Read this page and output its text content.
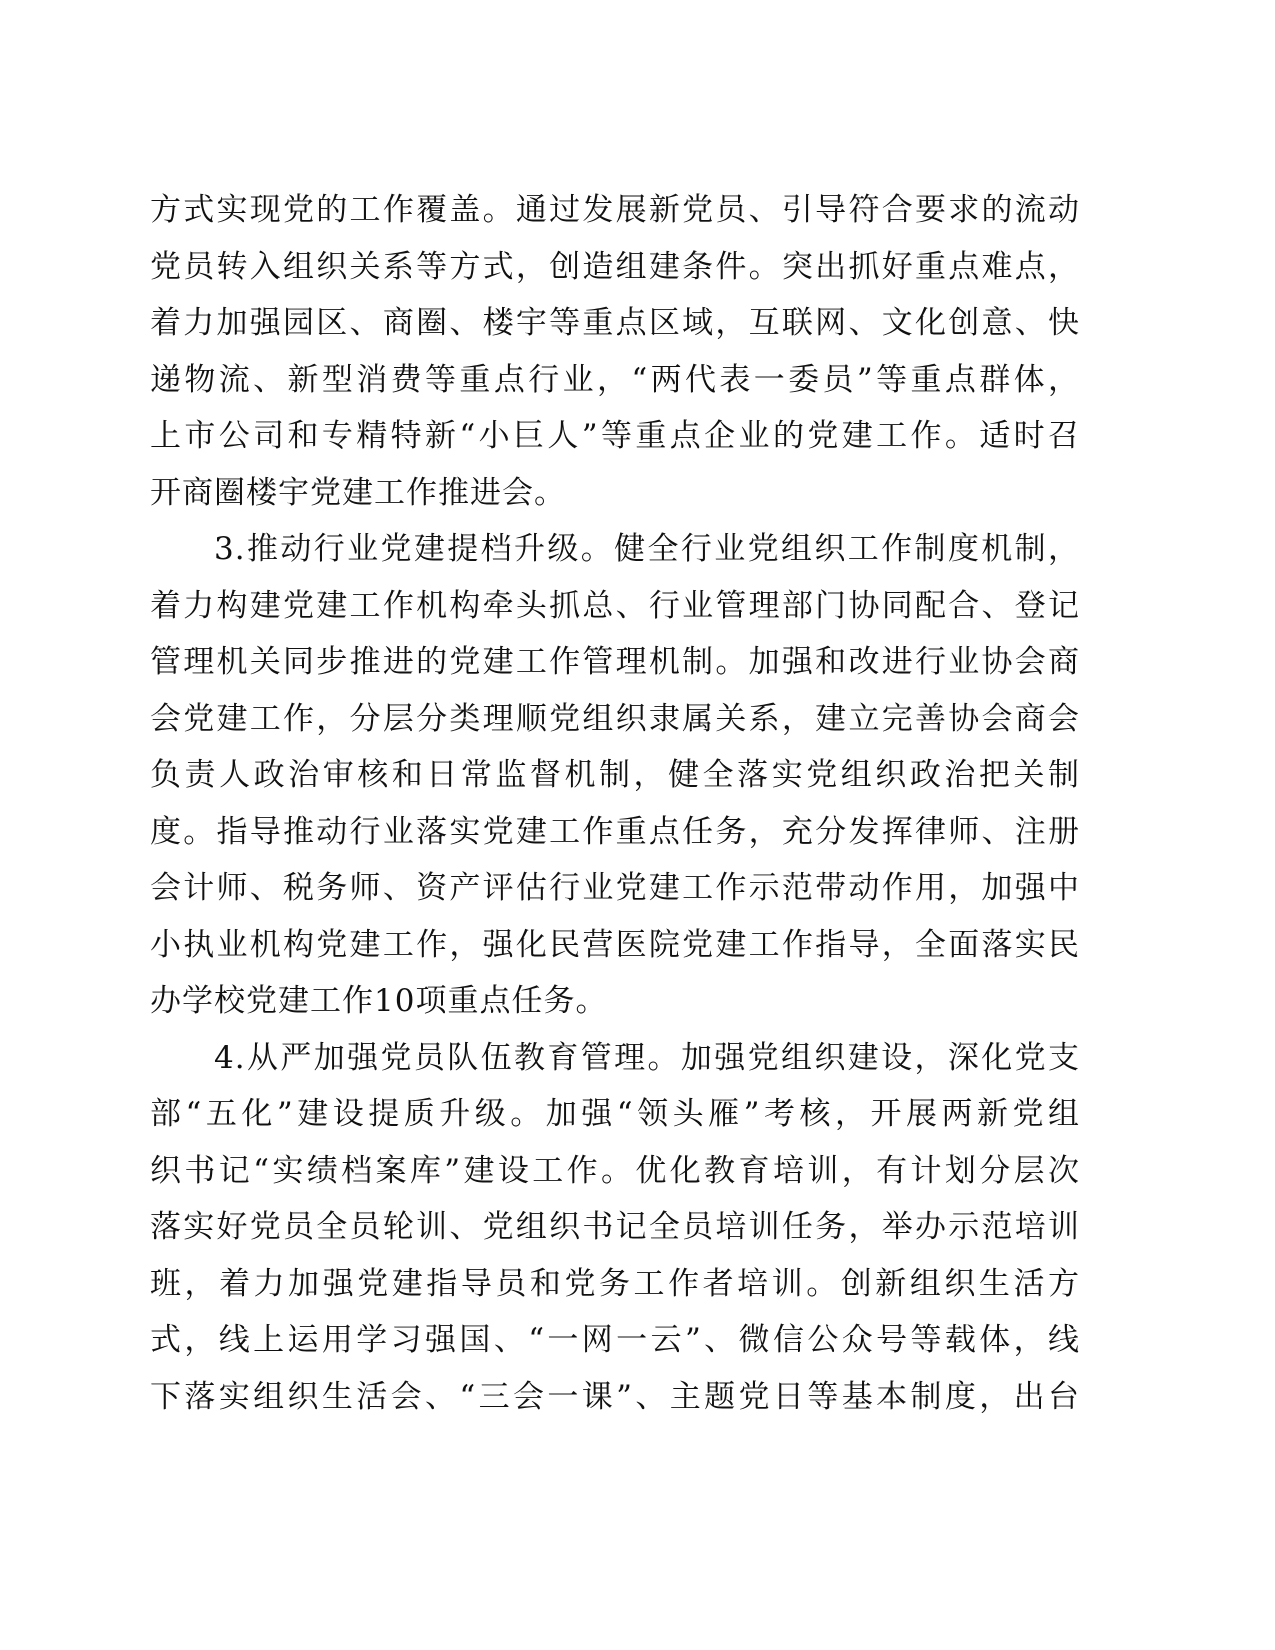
方式实现党的工作覆盖。通过发展新党员、引导符合要求的流动
党员转入组织关系等方式，创造组建条件。突出抓好重点难点，
着力加强园区、商圈、楼宇等重点区域，互联网、文化创意、快
递物流、新型消费等重点行业，“两代表一委员”等重点群体，
上市公司和专精特新“小巨人”等重点企业的党建工作。适时召
开商圈楼宇党建工作推进会。
3.推动行业党建提档升级。健全行业党组织工作制度机制，
着力构建党建工作机构牵头抓总、行业管理部门协同配合、登记
管理机关同步推进的党建工作管理机制。加强和改进行业协会商
会党建工作，分层分类理顺党组织隶属关系，建立完善协会商会
负责人政治审核和日常监督机制，健全落实党组织政治把关制
度。指导推动行业落实党建工作重点任务，充分发挥律师、注册
会计师、税务师、资产评估行业党建工作示范带动作用，加强中
小执业机构党建工作，强化民营医院党建工作指导，全面落实民
办学校党建工作10项重点任务。
4.从严加强党员队伍教育管理。加强党组织建设，深化党支
部“五化”建设提质升级。加强“领头雁”考核，开展两新党组
织书记“实绩档案库”建设工作。优化教育培训，有计划分层次
落实好党员全员轮训、党组织书记全员培训任务，举办示范培训
班，着力加强党建指导员和党务工作者培训。创新组织生活方
式，线上运用学习强国、“一网一云”、微信公众号等载体，线
下落实组织生活会、“三会一课”、主题党日等基本制度，出台
